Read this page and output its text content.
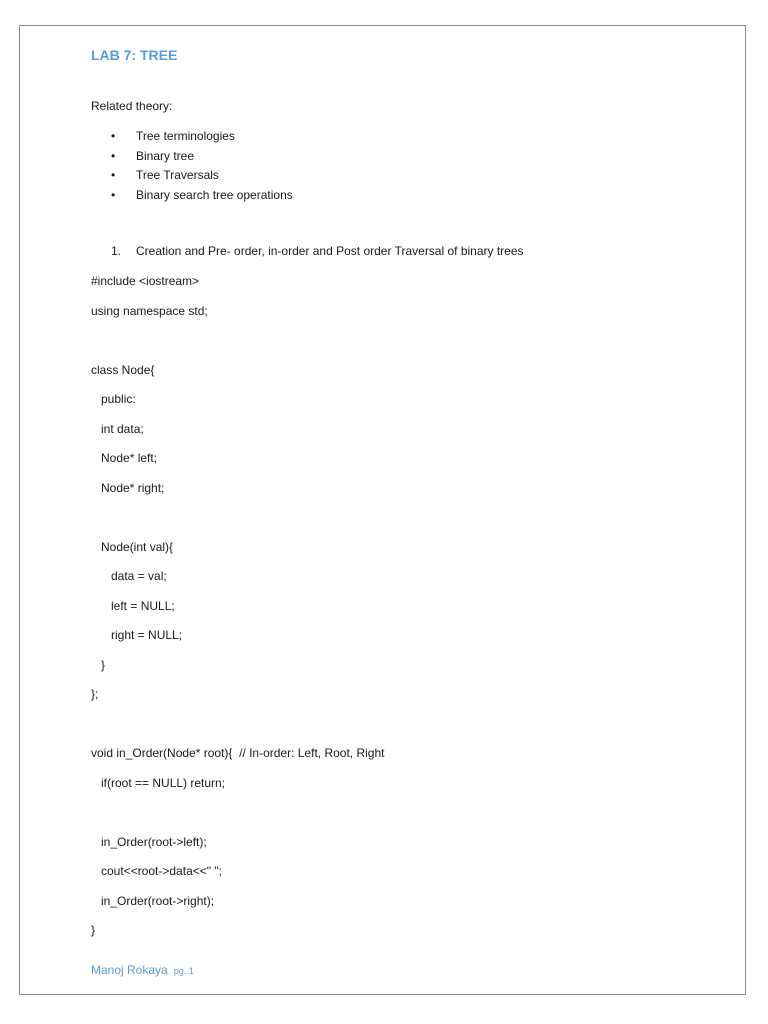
LAB 7: TREE
Related theory:
• Tree terminologies
• Binary tree
• Tree Traversals
• Binary search tree operations
1. Creation and Pre- order, in-order and Post order Traversal of binary trees
#include <iostream>
using namespace std;
class Node{
public:
int data;
Node* left;
Node* right;
Node(int val){
data = val;
left = NULL;
right = NULL;
}
};
void in_Order(Node* root){  // In-order: Left, Root, Right
if(root == NULL) return;
in_Order(root->left);
cout<<root->data<<" ";
in_Order(root->right);
}
Manoj Rokaya pg. 1
